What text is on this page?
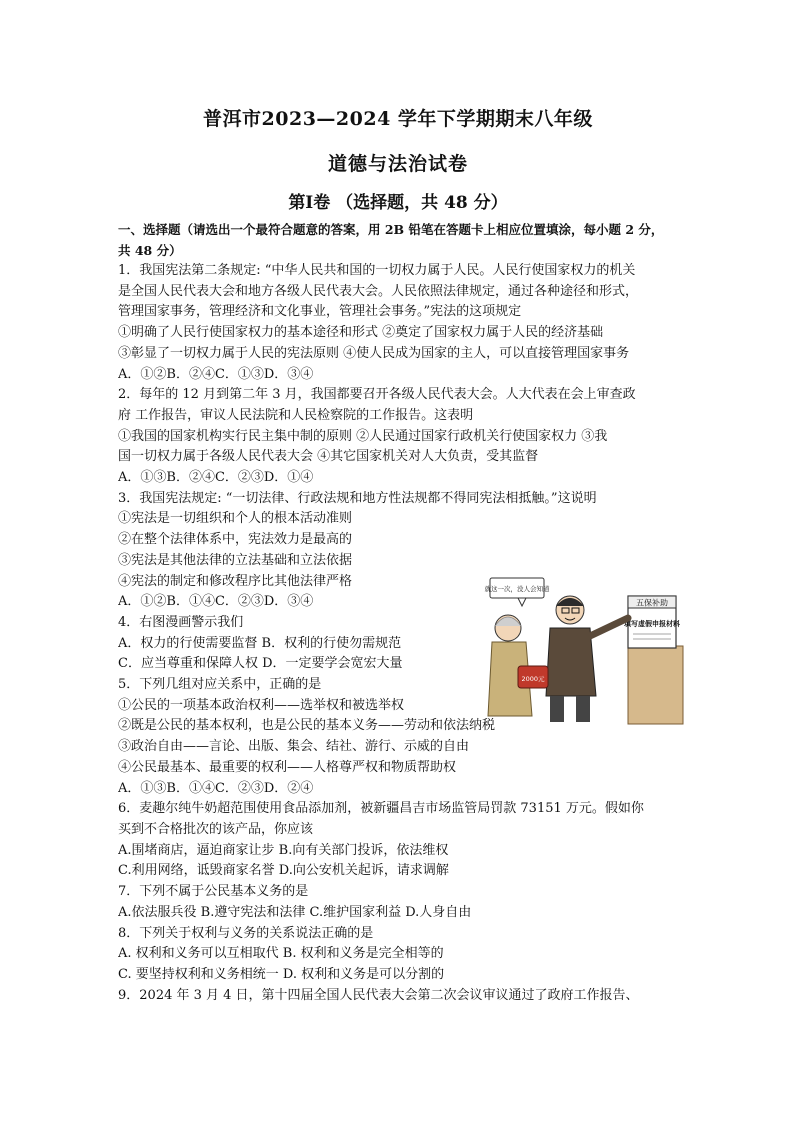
普洱市2023—2024 学年下学期期末八年级
道德与法治试卷
第Ⅰ卷 （选择题，共 48 分）
一、选择题（请选出一个最符合题意的答案，用 2B 铅笔在答题卡上相应位置填涂，每小题 2 分， 共 48 分）
1．我国宪法第二条规定: “中华人民共和国的一切权力属于人民。人民行使国家权力的机关
是全国人民代表大会和地方各级人民代表大会。人民依照法律规定，通过各种途径和形式，
管理国家事务，管理经济和文化事业，管理社会事务。”宪法的这项规定
①明确了人民行使国家权力的基本途径和形式 ②奠定了国家权力属于人民的经济基础
③彰显了一切权力属于人民的宪法原则 ④使人民成为国家的主人，可以直接管理国家事务
A．①②B．②④C．①③D．③④
2．每年的 12 月到第二年 3 月，我国都要召开各级人民代表大会。人大代表在会上审查政
府 工作报告，审议人民法院和人民检察院的工作报告。这表明
①我国的国家机构实行民主集中制的原则 ②人民通过国家行政机关行使国家权力 ③我
国一切权力属于各级人民代表大会 ④其它国家机关对人大负责，受其监督
A．①③B．②④C．②③D．①④
3．我国宪法规定: “一切法律、行政法规和地方性法规都不得同宪法相抵触。”这说明
①宪法是一切组织和个人的根本活动准则
②在整个法律体系中，宪法效力是最高的
③宪法是其他法律的立法基础和立法依据
④宪法的制定和修改程序比其他法律严格
A．①②B．①④C．②③D．③④
4．右图漫画警示我们
A．权力的行使需要监督 B．权利的行使勿需规范
C．应当尊重和保障人权 D．一定要学会宽宏大量
5．下列几组对应关系中，正确的是
①公民的一项基本政治权利——选举权和被选举权
②既是公民的基本权利，也是公民的基本义务——劳动和依法纳税
③政治自由——言论、出版、集会、结社、游行、示威的自由
④公民最基本、最重要的权利——人格尊严权和物质帮助权
A．①③B．①④C．②③D．②④
6．麦趣尔纯牛奶超范围使用食品添加剂，被新疆昌吉市场监管局罚款 73151 万元。假如你
买到不合格批次的该产品，你应该
A.围堵商店，逼迫商家让步 B.向有关部门投诉，依法维权
C.利用网络，诋毁商家名誉 D.向公安机关起诉，请求调解
7．下列不属于公民基本义务的是
A.依法服兵役 B.遵守宪法和法律 C.维护国家利益 D.人身自由
8．下列关于权利与义务的关系说法正确的是
A. 权利和义务可以互相取代 B. 权利和义务是完全相等的
C. 要坚持权利和义务相统一 D. 权利和义务是可以分割的
9．2024 年 3 月 4 日，第十四届全国人民代表大会第二次会议审议通过了政府工作报告、
五保补助
填写虚假申报材料
就这一次，没人会知道
2000元
